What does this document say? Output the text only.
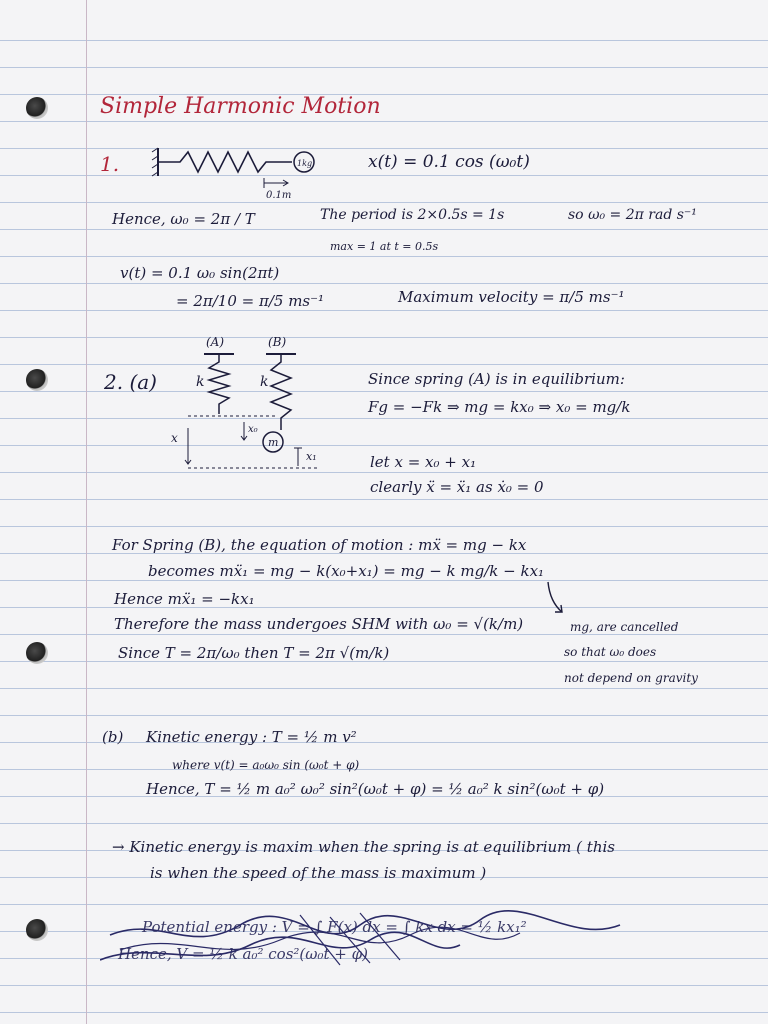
Simple Harmonic Motion
1.	1kg
0.1m
x(t) = 0.1 cos (ω₀t)
Hence, ω₀ = 2π / T	The period is 2×0.5s = 1s	so ω₀ = 2π rad s⁻¹
max = 1 at t = 0.5s
v(t) = 0.1 ω₀ sin(2πt)
= 2π/10 = π/5 ms⁻¹	Maximum velocity = π/5 ms⁻¹
2. (a)
(A)	(B)
k	k
m
x₀
x
x₁
Since spring (A) is in equilibrium:
Fg = −Fk ⇒ mg = kx₀ ⇒ x₀ = mg/k
let x = x₀ + x₁
clearly ẍ = ẍ₁ as ẋ₀ = 0
For Spring (B), the equation of motion : mẍ = mg − kx
becomes mẍ₁ = mg − k(x₀+x₁) = mg − k mg/k − kx₁
Hence mẍ₁ = −kx₁
Therefore the mass undergoes SHM with ω₀ = √(k/m)
Since T = 2π/ω₀ then T = 2π √(m/k)
mg, are cancelled
so that ω₀ does
not depend on gravity
(b) Kinetic energy : T = ½ m v²
where v(t) = a₀ω₀ sin (ω₀t + φ)
Hence, T = ½ m a₀² ω₀² sin²(ω₀t + φ) = ½ a₀² k sin²(ω₀t + φ)
→ Kinetic energy is maxim when the spring is at equilibrium ( this
is when the speed of the mass is maximum )
Potential energy : V = ∫ F(x) dx = ∫ kx dx = ½ kx₁²
Hence, V = ½ k a₀² cos²(ω₀t + φ)
